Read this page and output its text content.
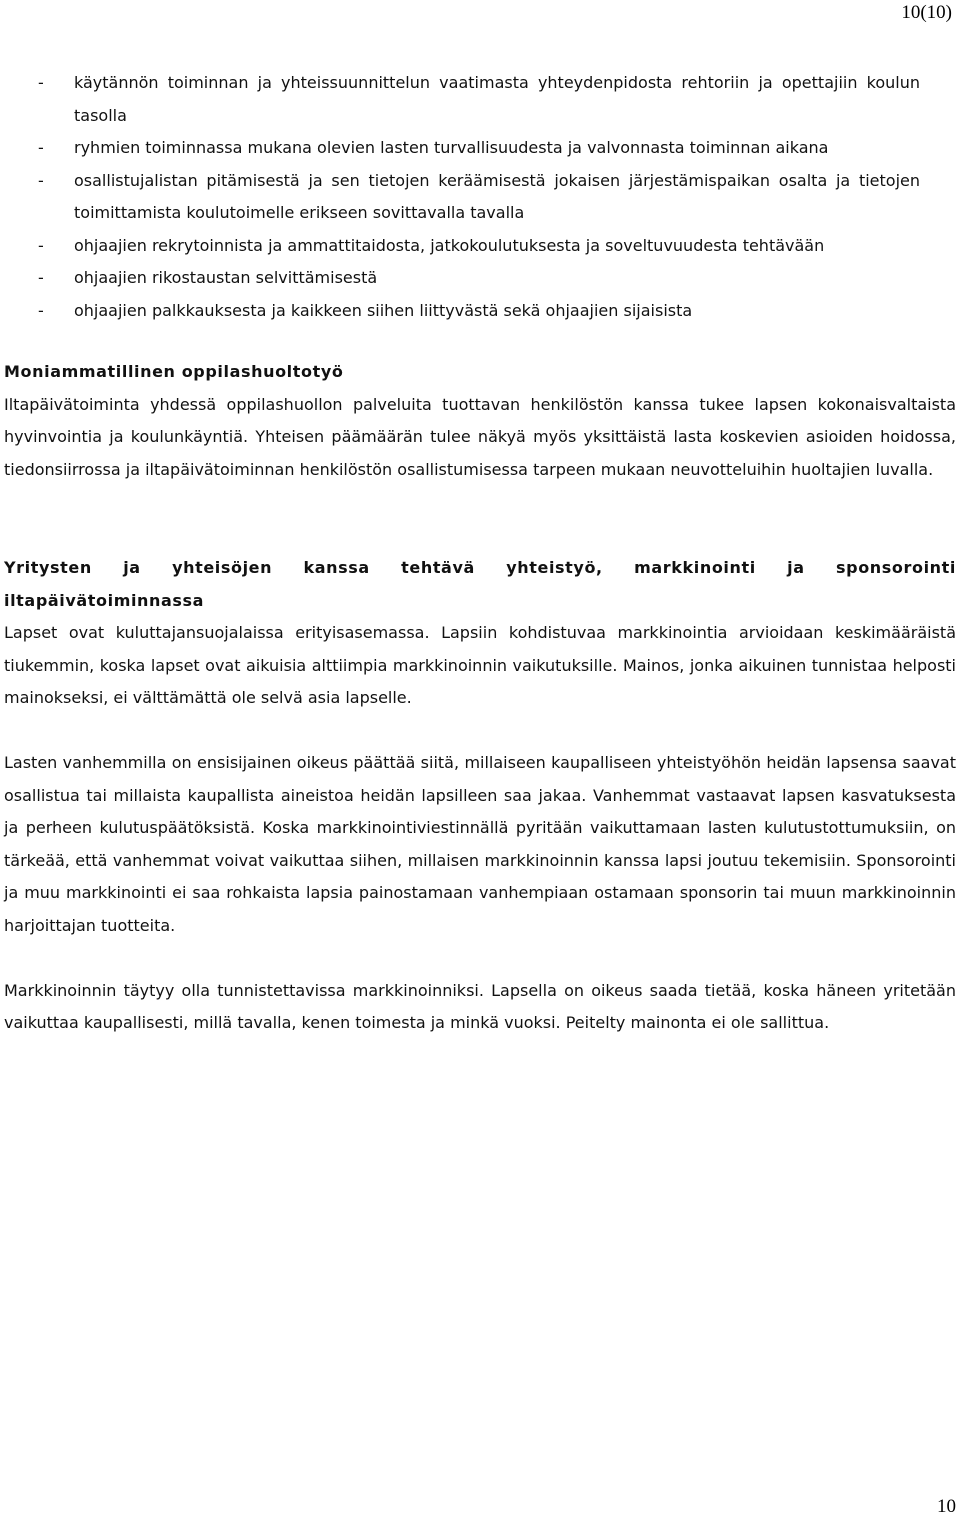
10(10)
- käytännön toiminnan ja yhteissuunnittelun vaatimasta yhteydenpidosta rehtoriin ja opettajiin koulun tasolla
- ryhmien toiminnassa mukana olevien lasten turvallisuudesta ja valvonnasta toiminnan aikana
- osallistujalistan pitämisestä ja sen tietojen keräämisestä jokaisen järjestämispaikan osalta ja tietojen toimittamista koulutoimelle erikseen sovittavalla tavalla
- ohjaajien rekrytoinnista ja ammattitaidosta, jatkokoulutuksesta ja soveltuvuudesta tehtävään
- ohjaajien rikostaustan selvittämisestä
- ohjaajien palkkauksesta ja kaikkeen siihen liittyvästä sekä ohjaajien sijaisista
Moniammatillinen oppilashuoltotyö

Iltapäivätoiminta yhdessä oppilashuollon palveluita tuottavan henkilöstön kanssa tukee lapsen kokonaisvaltaista hyvinvointia ja koulunkäyntiä. Yhteisen päämäärän tulee näkyä myös yksittäistä lasta koskevien asioiden hoidossa, tiedonsiirrossa ja iltapäivätoiminnan henkilöstön osallistumisessa tarpeen mukaan neuvotteluihin huoltajien luvalla.

Yritysten ja yhteisöjen kanssa tehtävä yhteistyö, markkinointi ja sponsorointi iltapäivätoiminnassa

Lapset ovat kuluttajansuojalaissa erityisasemassa. Lapsiin kohdistuvaa markkinointia arvioidaan keskimääräistä tiukemmin, koska lapset ovat aikuisia alttiimpia markkinoinnin vaikutuksille. Mainos, jonka aikuinen tunnistaa helposti mainokseksi, ei välttämättä ole selvä asia lapselle.

Lasten vanhemmilla on ensisijainen oikeus päättää siitä, millaiseen kaupalliseen yhteistyöhön heidän lapsensa saavat osallistua tai millaista kaupallista aineistoa heidän lapsilleen saa jakaa. Vanhemmat vastaavat lapsen kasvatuksesta ja perheen kulutuspäätöksistä. Koska markkinointiviestinnällä pyritään vaikuttamaan lasten kulutustottumuksiin, on tärkeää, että vanhemmat voivat vaikuttaa siihen, millaisen markkinoinnin kanssa lapsi joutuu tekemisiin. Sponsorointi ja muu markkinointi ei saa rohkaista lapsia painostamaan vanhempiaan ostamaan sponsorin tai muun markkinoinnin harjoittajan tuotteita.

Markkinoinnin täytyy olla tunnistettavissa markkinoinniksi. Lapsella on oikeus saada tietää, koska häneen yritetään vaikuttaa kaupallisesti, millä tavalla, kenen toimesta ja minkä vuoksi. Peitelty mainonta ei ole sallittua.

10
